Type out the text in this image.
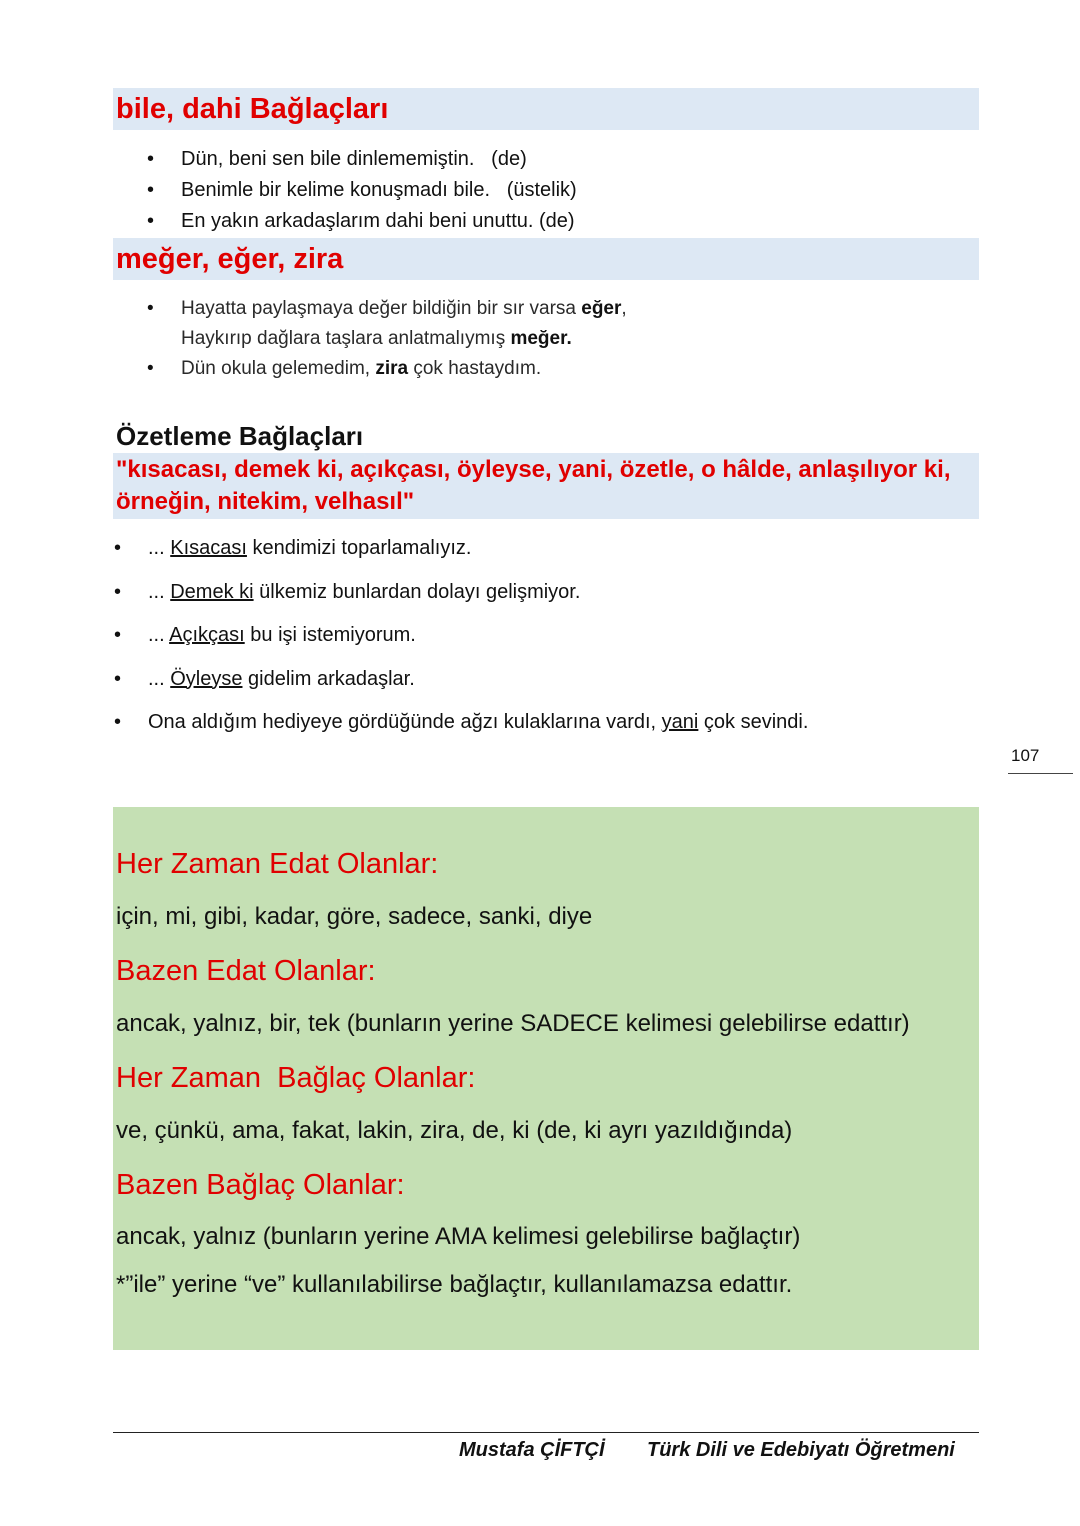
bile, dahi Bağlaçları
• Dün, beni sen bile dinlememiştin.   (de)
• Benimle bir kelime konuşmadı bile.   (üstelik)
• En yakın arkadaşlarım dahi beni unuttu. (de)
meğer, eğer, zira
• Hayatta paylaşmaya değer bildiğin bir sır varsa eğer,
Haykırıp dağlara taşlara anlatmalıymış meğer.
• Dün okula gelemedim, zira çok hastaydım.
Özetleme Bağlaçları
"kısacası, demek ki, açıkçası, öyleyse, yani, özetle, o hâlde, anlaşılıyor ki,
örneğin, nitekim, velhasıl"
• ... Kısacası kendimizi toparlamalıyız.
• ... Demek ki ülkemiz bunlardan dolayı gelişmiyor.
• ... Açıkçası bu işi istemiyorum.
• ... Öyleyse gidelim arkadaşlar.
• Ona aldığım hediyeye gördüğünde ağzı kulaklarına vardı, yani çok sevindi.
107
Her Zaman Edat Olanlar:
için, mi, gibi, kadar, göre, sadece, sanki, diye
Bazen Edat Olanlar:
ancak, yalnız, bir, tek (bunların yerine SADECE kelimesi gelebilirse edattır)
Her Zaman  Bağlaç Olanlar:
ve, çünkü, ama, fakat, lakin, zira, de, ki (de, ki ayrı yazıldığında)
Bazen Bağlaç Olanlar:
ancak, yalnız (bunların yerine AMA kelimesi gelebilirse bağlaçtır)
*”ile” yerine “ve” kullanılabilirse bağlaçtır, kullanılamazsa edattır.
Mustafa ÇİFTÇİ Türk Dili ve Edebiyatı Öğretmeni
